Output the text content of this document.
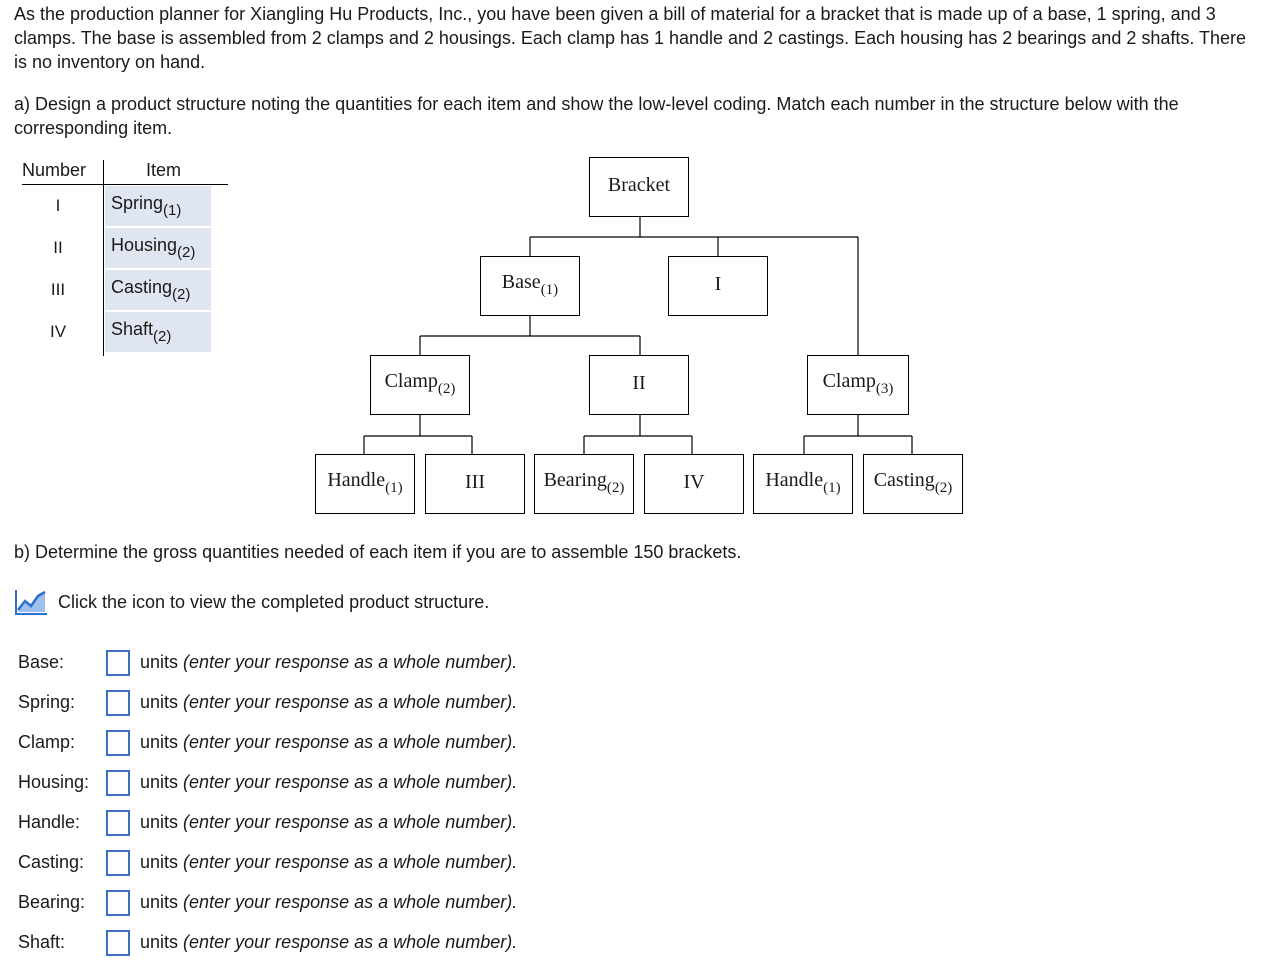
As the production planner for Xiangling Hu Products, Inc., you have been given a bill of material for a bracket that is made up of a base, 1 spring, and 3 clamps. The base is assembled from 2 clamps and 2 housings. Each clamp has 1 handle and 2 castings. Each housing has 2 bearings and 2 shafts. There is no inventory on hand.
a) Design a product structure noting the quantities for each item and show the low-level coding. Match each number in the structure below with the corresponding item.
Number	Item
I	Spring$_{(1)}$
II	Housing$_{(2)}$
III	Casting$_{(2)}$
IV	Shaft$_{(2)}$
Bracket
Base$_{(1)}$	I
Clamp$_{(2)}$	II	Clamp$_{(3)}$
Handle$_{(1)}$	III	Bearing$_{(2)}$	IV	Handle$_{(1)}$	Casting$_{(2)}$
b) Determine the gross quantities needed of each item if you are to assemble 150 brackets.
Click the icon to view the completed product structure.
Base:	units (enter your response as a whole number).
Spring:	units (enter your response as a whole number).
Clamp:	units (enter your response as a whole number).
Housing:	units (enter your response as a whole number).
Handle:	units (enter your response as a whole number).
Casting:	units (enter your response as a whole number).
Bearing:	units (enter your response as a whole number).
Shaft:	units (enter your response as a whole number).
